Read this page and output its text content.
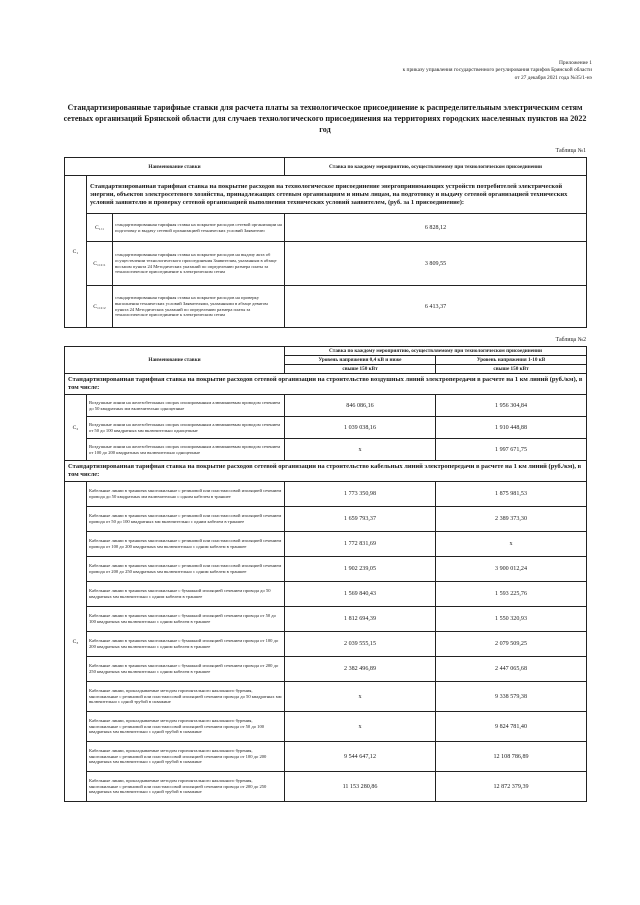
Приложение 1
к приказу управления государственного регулирования тарифов Брянской области
от 27 декабря 2021 года №35/1-нэ
Стандартизированные тарифные ставки для расчета платы за технологическое присоединение к распределительным электрическим сетям сетевых организаций Брянской области для случаев технологического присоединения на территориях городских населенных пунктов на 2022 год
Таблица №1
Наименование ставки			Ставка по каждому мероприятию, осуществляемому при технологическом присоединении
C₁	Стандартизированная тарифная ставка на покрытие расходов на технологическое присоединение энергопринимающих устройств потребителей электрической энергии, объектов электросетевого хозяйства, принадлежащих сетевым организациям и иным лицам, на подготовку и выдачу сетевой организацией технических условий заявителю и проверку сетевой организацией выполнения технических условий заявителем, (руб. за 1 присоединение):		
	C₁,₁	стандартизированная тарифная ставка на покрытие расходов сетевой организации на подготовку и выдачу сетевой организацией технических условий Заявителю	6 828,12
	C₁,₂,₁	стандартизированная тарифная ставка на покрытие расходов на выдачу акта об осуществлении технологического присоединения Заявителям, указанным в абзаце восьмом пункта 24 Методических указаний по определению размера платы за технологическое присоединение к электрическим сетям	3 809,55
	C₁,₂,₂	стандартизированная тарифная ставка на покрытие расходов на проверку выполнения технических условий Заявителями, указанными в абзаце девятом пункта 24 Методических указаний по определению размера платы за технологическое присоединение к электрическим сетям	6 413,37
Таблица №2
Наименование ставки		Ставка по каждому мероприятию, осуществляемому при технологическом присоединении	
		Уровень напряжения 0,4 кВ и ниже	Уровень напряжения 1-10 кВ
		свыше 150 кВт	свыше 150 кВт
Стандартизированная тарифная ставка на покрытие расходов сетевой организации на строительство воздушных линий электропередачи в расчете на 1 км линий (руб./км), в том числе:			
C₂	Воздушные линии на железобетонных опорах изолированным алюминиевым проводом сечением до 50 квадратных мм включительно одноцепные	846 086,16	1 956 304,84
	Воздушные линии на железобетонных опорах изолированным алюминиевым проводом сечением от 50 до 100 квадратных мм включительно одноцепные	1 039 038,16	1 910 448,88
	Воздушные линии на железобетонных опорах изолированным алюминиевым проводом сечением от 100 до 200 квадратных мм включительно одноцепные	x	1 997 671,75
Стандартизированная тарифная ставка на покрытие расходов сетевой организации на строительство кабельных линий электропередачи в расчете на 1 км линий (руб./км), в том числе:			
C₃	Кабельные линии в траншеях многожильные с резиновой или пластмассовой изоляцией сечением провода до 50 квадратных мм включительно с одним кабелем в траншее	1 773 350,98	1 875 981,53
	Кабельные линии в траншеях многожильные с резиновой или пластмассовой изоляцией сечением провода от 50 до 100 квадратных мм включительно с одним кабелем в траншее	1 659 793,37	2 389 373,30
	Кабельные линии в траншеях многожильные с резиновой или пластмассовой изоляцией сечением провода от 100 до 200 квадратных мм включительно с одним кабелем в траншее	1 772 831,69	x
	Кабельные линии в траншеях многожильные с резиновой или пластмассовой изоляцией сечением провода от 200 до 250 квадратных мм включительно с одним кабелем в траншее	1 902 239,05	3 900 012,24
	Кабельные линии в траншеях многожильные с бумажной изоляцией сечением провода до 50 квадратных мм включительно с одним кабелем в траншее	1 569 840,43	1 593 225,76
	Кабельные линии в траншеях многожильные с бумажной изоляцией сечением провода от 50 до 100 квадратных мм включительно с одним кабелем в траншее	1 812 694,39	1 550 320,93
	Кабельные линии в траншеях многожильные с бумажной изоляцией сечением провода от 100 до 200 квадратных мм включительно с одним кабелем в траншее	2 039 555,15	2 079 509,25
	Кабельные линии в траншеях многожильные с бумажной изоляцией сечением провода от 200 до 250 квадратных мм включительно с одним кабелем в траншее	2 382 496,89	2 447 065,68
	Кабельные линии, прокладываемые методом горизонтального наклонного бурения, многожильные с резиновой или пластмассовой изоляцией сечением провода до 50 квадратных мм включительно с одной трубой в скважине	x	9 338 579,38
	Кабельные линии, прокладываемые методом горизонтального наклонного бурения, многожильные с резиновой или пластмассовой изоляцией сечением провода от 50 до 100 квадратных мм включительно с одной трубой в скважине	x	9 824 781,40
	Кабельные линии, прокладываемые методом горизонтального наклонного бурения, многожильные с резиновой или пластмассовой изоляцией сечением провода от 100 до 200 квадратных мм включительно с одной трубой в скважине	9 544 647,12	12 108 786,89
	Кабельные линии, прокладываемые методом горизонтального наклонного бурения, многожильные с резиновой или пластмассовой изоляцией сечением провода от 200 до 250 квадратных мм включительно с одной трубой в скважине	11 153 280,86	12 872 379,39
